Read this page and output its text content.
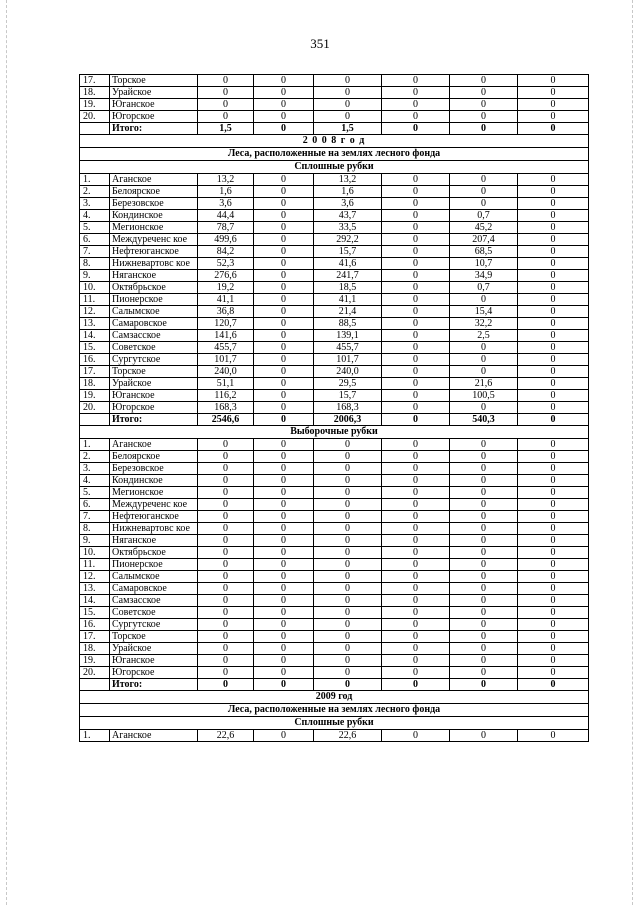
351
17.	Торское	0	0	0	0	0	0
18.	Урайское	0	0	0	0	0	0
19.	Юганское	0	0	0	0	0	0
20.	Югорское	0	0	0	0	0	0
	Итого:	1,5	0	1,5	0	0	0
2 0 0 8 г о д							
Леса, расположенные на землях лесного фонда							
Сплошные рубки							
1.	Аганское	13,2	0	13,2	0	0	0
2.	Белоярское	1,6	0	1,6	0	0	0
3.	Березовское	3,6	0	3,6	0	0	0
4.	Кондинское	44,4	0	43,7	0	0,7	0
5.	Мегионское	78,7	0	33,5	0	45,2	0
6.	Междуреченс кое	499,6	0	292,2	0	207,4	0
7.	Нефтеюганское	84,2	0	15,7	0	68,5	0
8.	Нижневартовс кое	52,3	0	41,6	0	10,7	0
9.	Няганское	276,6	0	241,7	0	34,9	0
10.	Октябрьское	19,2	0	18,5	0	0,7	0
11.	Пионерское	41,1	0	41,1	0	0	0
12.	Салымское	36,8	0	21,4	0	15,4	0
13.	Самаровское	120,7	0	88,5	0	32,2	0
14.	Самзасское	141,6	0	139,1	0	2,5	0
15.	Советское	455,7	0	455,7	0	0	0
16.	Сургутское	101,7	0	101,7	0	0	0
17.	Торское	240,0	0	240,0	0	0	0
18.	Урайское	51,1	0	29,5	0	21,6	0
19.	Юганское	116,2	0	15,7	0	100,5	0
20.	Югорское	168,3	0	168,3	0	0	0
	Итого:	2546,6	0	2006,3	0	540,3	0
Выборочные рубки							
1.	Аганское	0	0	0	0	0	0
2.	Белоярское	0	0	0	0	0	0
3.	Березовское	0	0	0	0	0	0
4.	Кондинское	0	0	0	0	0	0
5.	Мегионское	0	0	0	0	0	0
6.	Междуреченс кое	0	0	0	0	0	0
7.	Нефтеюганское	0	0	0	0	0	0
8.	Нижневартовс кое	0	0	0	0	0	0
9.	Няганское	0	0	0	0	0	0
10.	Октябрьское	0	0	0	0	0	0
11.	Пионерское	0	0	0	0	0	0
12.	Салымское	0	0	0	0	0	0
13.	Самаровское	0	0	0	0	0	0
14.	Самзасское	0	0	0	0	0	0
15.	Советское	0	0	0	0	0	0
16.	Сургутское	0	0	0	0	0	0
17.	Торское	0	0	0	0	0	0
18.	Урайское	0	0	0	0	0	0
19.	Юганское	0	0	0	0	0	0
20.	Югорское	0	0	0	0	0	0
	Итого:	0	0	0	0	0	0
2009 год							
Леса, расположенные на землях лесного фонда							
Сплошные рубки							
1.	Аганское	22,6	0	22,6	0	0	0
